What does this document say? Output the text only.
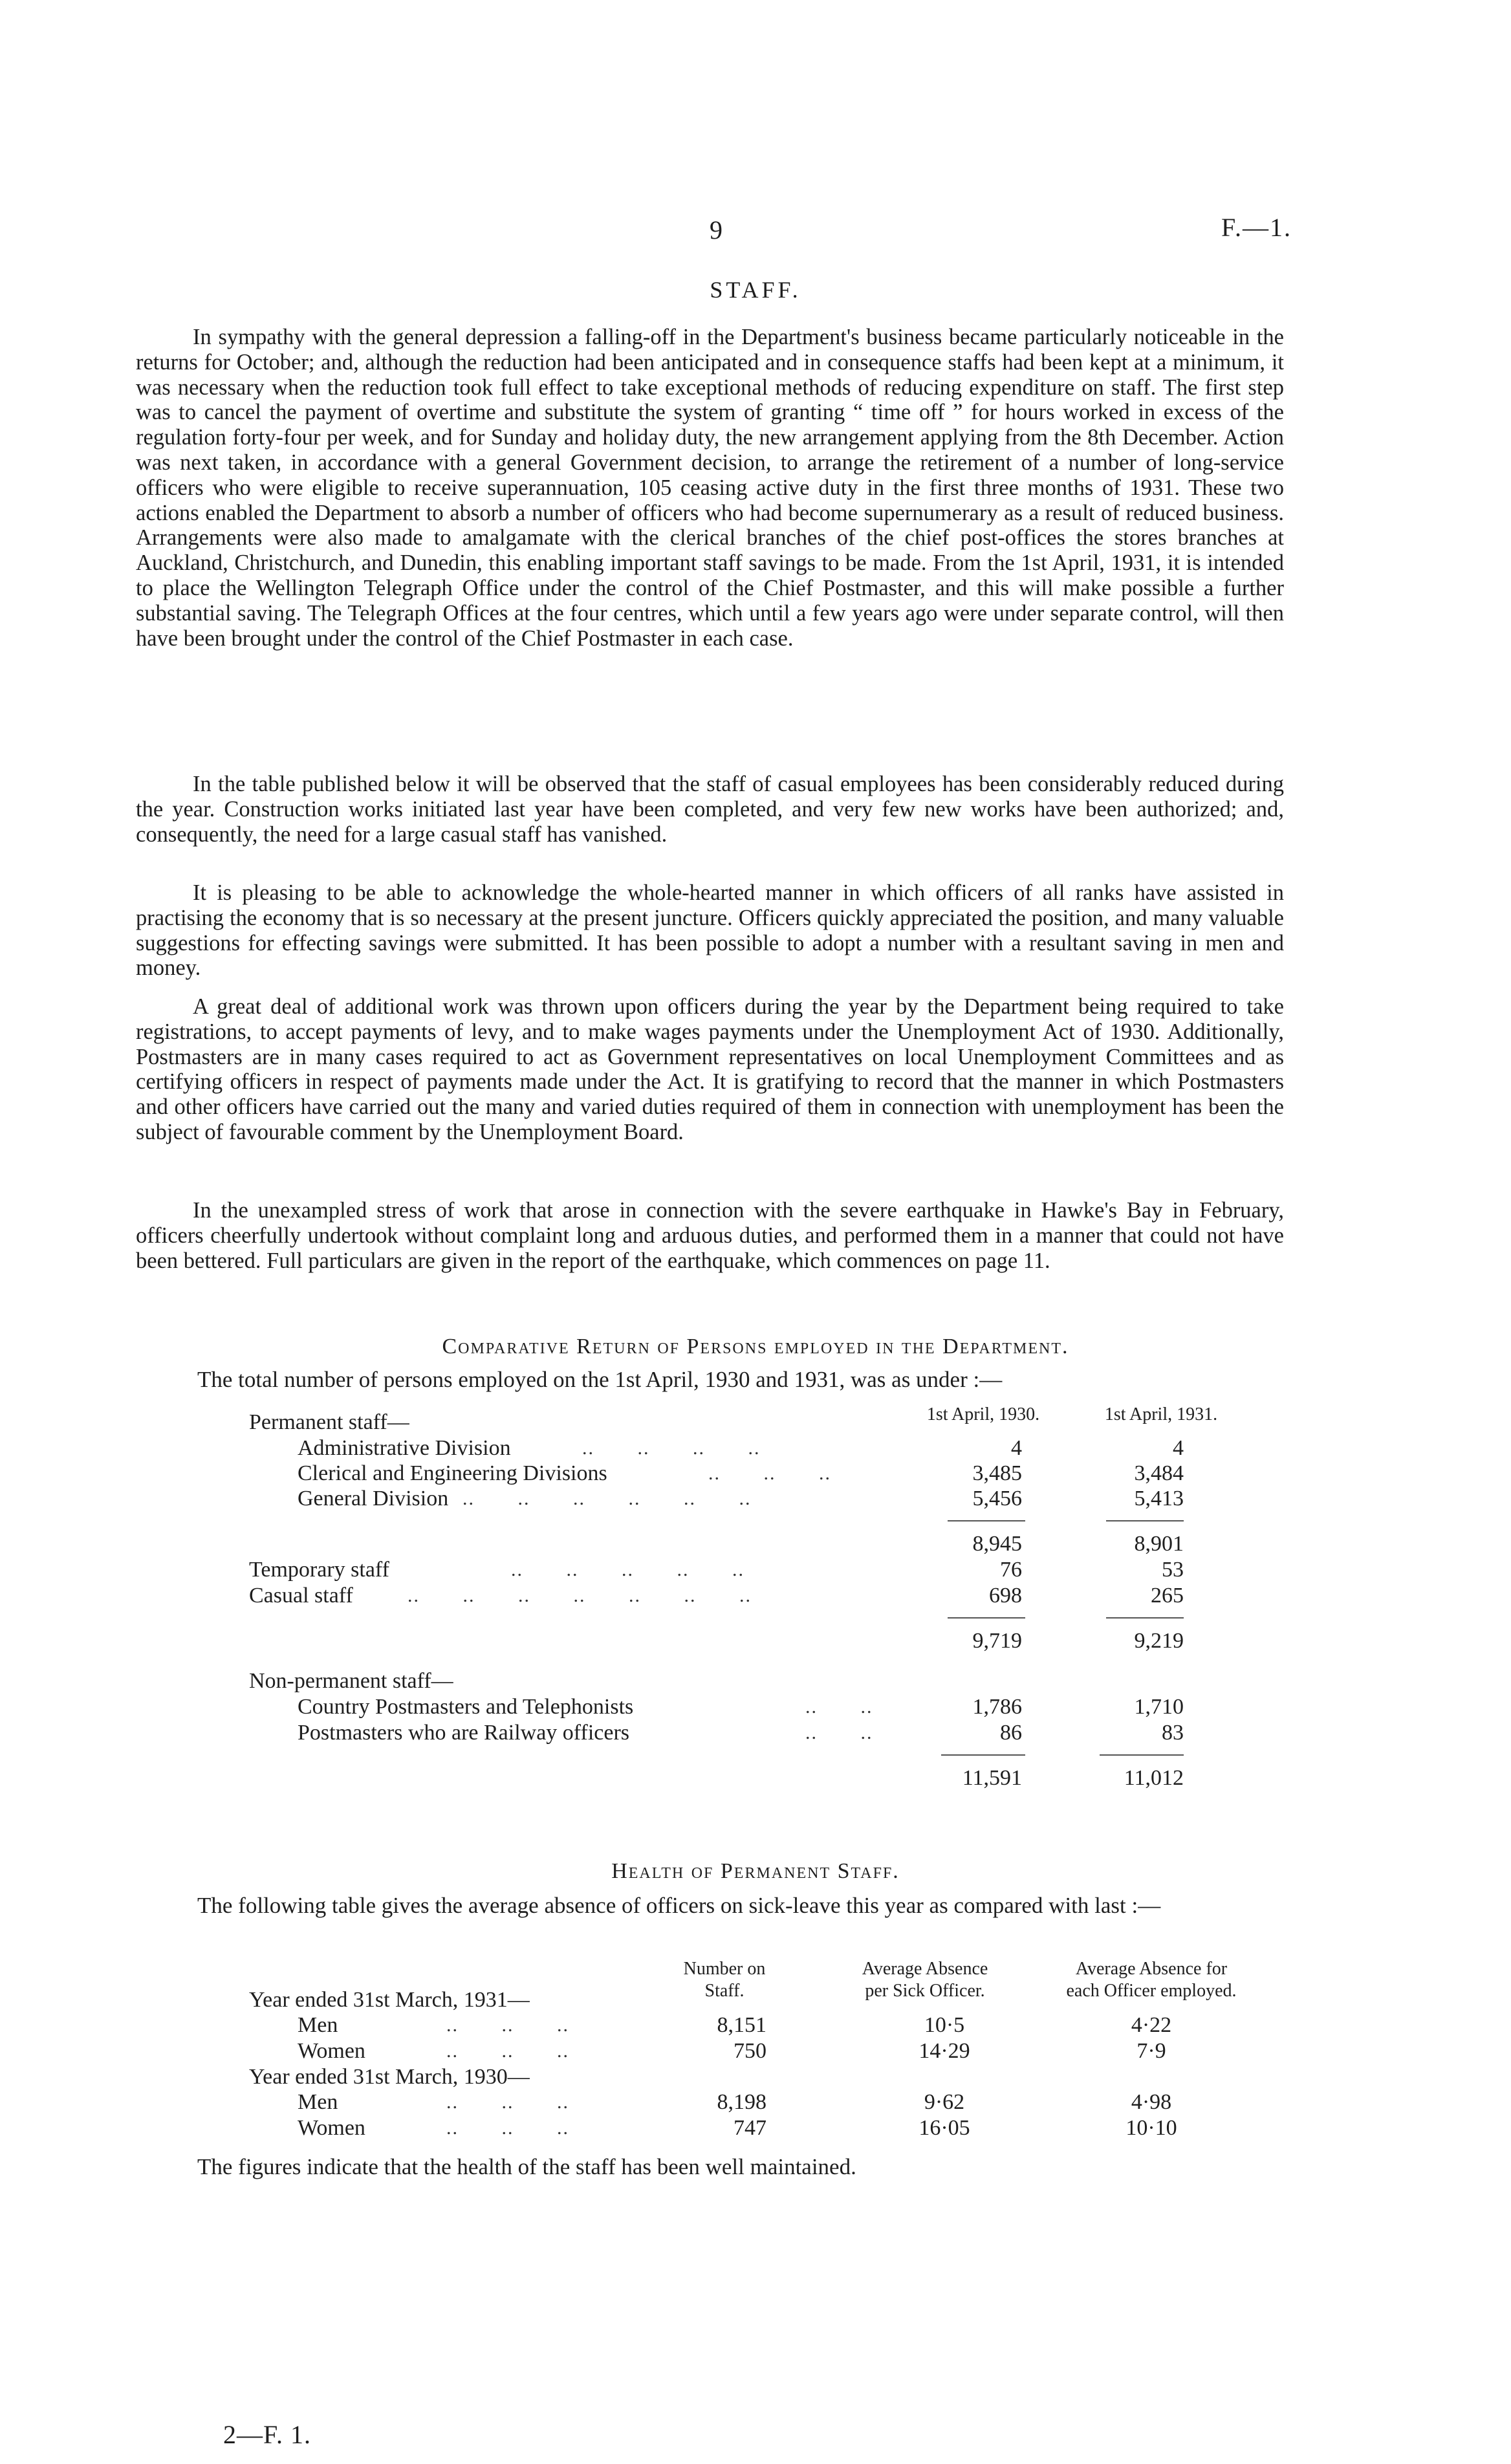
9	F.—1.
STAFF.

In sympathy with the general depression a falling-off in the Department's business became particularly noticeable in the returns for October; and, although the reduction had been anticipated and in consequence staffs had been kept at a minimum, it was necessary when the reduction took full effect to take exceptional methods of reducing expenditure on staff. The first step was to cancel the payment of overtime and substitute the system of granting “ time off ” for hours worked in excess of the regulation forty-four per week, and for Sunday and holiday duty, the new arrangement applying from the 8th December. Action was next taken, in accordance with a general Government decision, to arrange the retirement of a number of long-service officers who were eligible to receive superannuation, 105 ceasing active duty in the first three months of 1931. These two actions enabled the Department to absorb a number of officers who had become supernumerary as a result of reduced business. Arrangements were also made to amalgamate with the clerical branches of the chief post-offices the stores branches at Auckland, Christchurch, and Dunedin, this enabling important staff savings to be made. From the 1st April, 1931, it is intended to place the Wellington Telegraph Office under the control of the Chief Postmaster, and this will make possible a further substantial saving. The Telegraph Offices at the four centres, which until a few years ago were under separate control, will then have been brought under the control of the Chief Postmaster in each case.

In the table published below it will be observed that the staff of casual employees has been considerably reduced during the year. Construction works initiated last year have been completed, and very few new works have been authorized; and, consequently, the need for a large casual staff has vanished.

It is pleasing to be able to acknowledge the whole-hearted manner in which officers of all ranks have assisted in practising the economy that is so necessary at the present juncture. Officers quickly appreciated the position, and many valuable suggestions for effecting savings were submitted. It has been possible to adopt a number with a resultant saving in men and money.

A great deal of additional work was thrown upon officers during the year by the Department being required to take registrations, to accept payments of levy, and to make wages payments under the Unemployment Act of 1930. Additionally, Postmasters are in many cases required to act as Government representatives on local Unemployment Committees and as certifying officers in respect of payments made under the Act. It is gratifying to record that the manner in which Postmasters and other officers have carried out the many and varied duties required of them in connection with unemployment has been the subject of favourable comment by the Unemployment Board.

In the unexampled stress of work that arose in connection with the severe earthquake in Hawke's Bay in February, officers cheerfully undertook without complaint long and arduous duties, and performed them in a manner that could not have been bettered. Full particulars are given in the report of the earthquake, which commences on page 11.

Comparative Return of Persons employed in the Department.
The total number of persons employed on the 1st April, 1930 and 1931, was as under :—
1st April, 1930.	1st April, 1931.
Permanent staff—
Administrative Division	..       ..       ..       ..	4	4
Clerical and Engineering Divisions	..       ..       ..	3,485	3,484
General Division ..       ..       ..       ..       ..       ..	5,456	5,413
8,945	8,901
Temporary staff	..       ..       ..       ..       ..	76	53
Casual staff	..       ..       ..       ..       ..       ..       ..	698	265
9,719	9,219
Non-permanent staff—
Country Postmasters and Telephonists	..       ..	1,786	1,710
Postmasters who are Railway officers	..       ..	86	83
11,591	11,012
Health of Permanent Staff.

The following table gives the average absence of officers on sick-leave this year as compared with last :—

Number on
Staff.
Average Absence
per Sick Officer.
Average Absence for
each Officer employed.
Year ended 31st March, 1931—
Men	..       ..       ..	8,151	10·5	4·22
Women	..       ..       ..	750	14·29	7·9
Year ended 31st March, 1930—
Men	..       ..       ..	8,198	9·62	4·98
Women	..       ..       ..	747	16·05	10·10
The figures indicate that the health of the staff has been well maintained.
2—F. 1.
